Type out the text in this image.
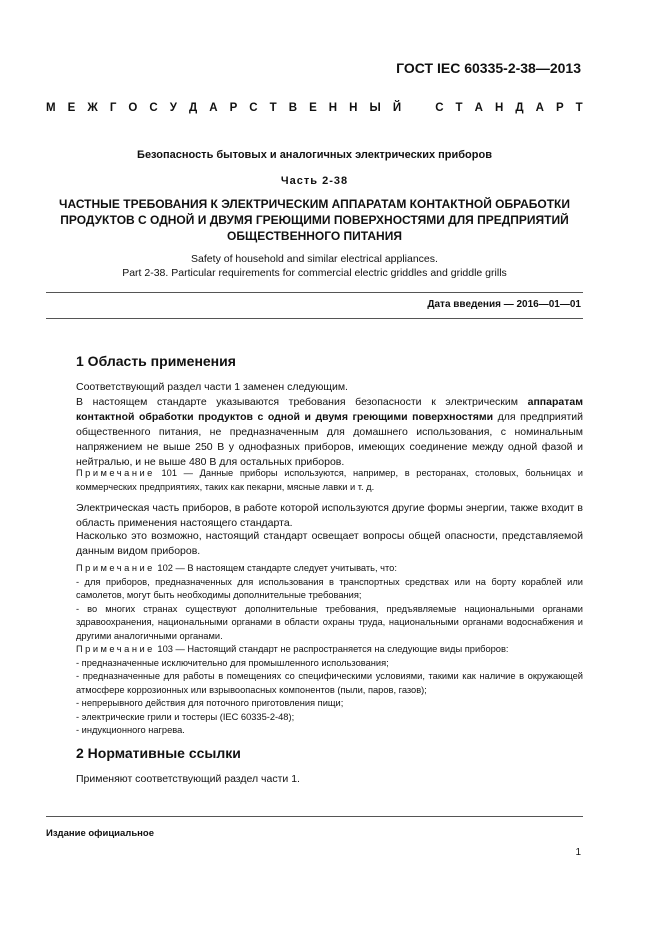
ГОСТ IEC 60335-2-38—2013
М Е Ж Г О С У Д А Р С Т В Е Н Н Ы Й
	С Т А Н Д А Р Т
Безопасность бытовых и аналогичных электрических приборов
Часть 2-38
ЧАСТНЫЕ ТРЕБОВАНИЯ К ЭЛЕКТРИЧЕСКИМ АППАРАТАМ КОНТАКТНОЙ ОБРАБОТКИ
ПРОДУКТОВ С ОДНОЙ И ДВУМЯ ГРЕЮЩИМИ ПОВЕРХНОСТЯМИ ДЛЯ ПРЕДПРИЯТИЙ
ОБЩЕСТВЕННОГО ПИТАНИЯ
Safety of household and similar electrical appliances.
Part 2-38. Particular requirements for commercial electric griddles and griddle grills
Дата введения — 2016—01—01
1 Область применения
Соответствующий раздел части 1 заменен следующим.
В настоящем стандарте указываются требования безопасности к электрическим аппаратам контактной обработки продуктов с одной и двумя греющими поверхностями для предприятий общественного питания, не предназначенным для домашнего использования, с номинальным напряжением не выше 250 В у однофазных приборов, имеющих соединение между одной фазой и нейтралью, и не выше 480 В для остальных приборов.
Примечание 101 — Данные приборы используются, например, в ресторанах, столовых, больницах и коммерческих предприятиях, таких как пекарни, мясные лавки и т. д.
Электрическая часть приборов, в работе которой используются другие формы энергии, также входит в область применения настоящего стандарта.
Насколько это возможно, настоящий стандарт освещает вопросы общей опасности, представляемой данным видом приборов.
Примечание 102 — В настоящем стандарте следует учитывать, что:
- для приборов, предназначенных для использования в транспортных средствах или на борту кораблей или самолетов, могут быть необходимы дополнительные требования;
- во многих странах существуют дополнительные требования, предъявляемые национальными органами здравоохранения, национальными органами в области охраны труда, национальными органами водоснабжения и другими аналогичными органами.
Примечание 103 — Настоящий стандарт не распространяется на следующие виды приборов:
- предназначенные исключительно для промышленного использования;
- предназначенные для работы в помещениях со специфическими условиями, такими как наличие в окружающей атмосфере коррозионных или взрывоопасных компонентов (пыли, паров, газов);
- непрерывного действия для поточного приготовления пищи;
- электрические грили и тостеры (IEC 60335-2-48);
- индукционного нагрева.
2 Нормативные ссылки
Применяют соответствующий раздел части 1.
Издание официальное
1
